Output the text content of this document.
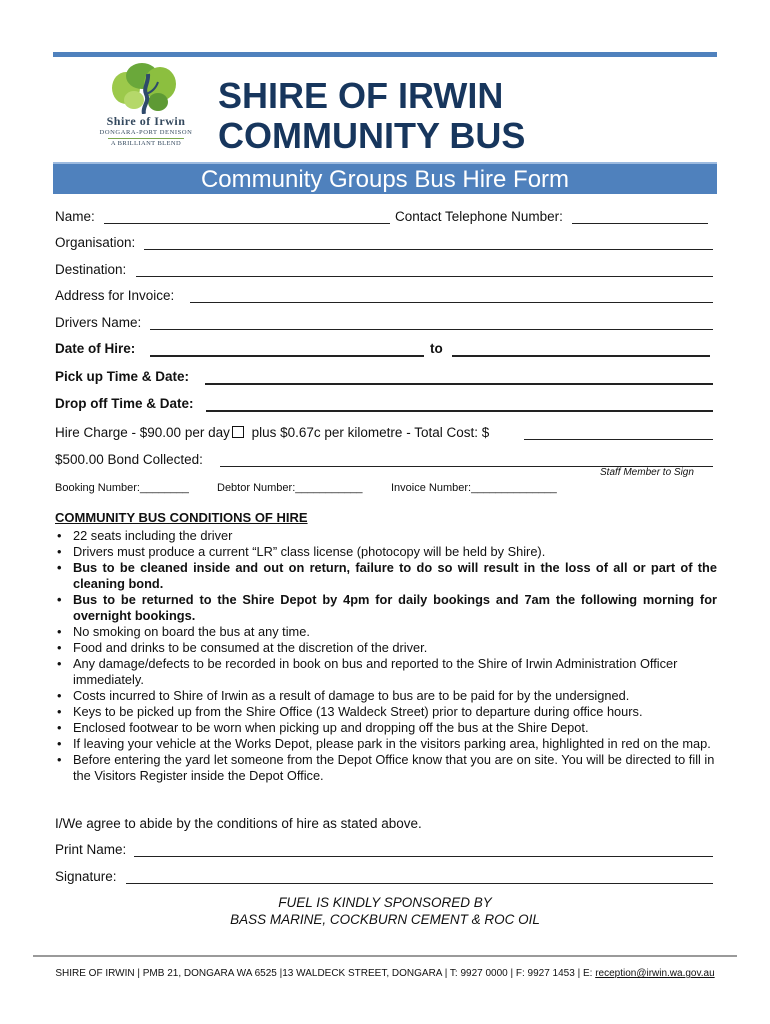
Shire of Irwin
DONGARA-PORT DENISON
A BRILLIANT BLEND
SHIRE OF IRWIN
COMMUNITY BUS
Community Groups Bus Hire Form
Name:	Contact Telephone Number:
Organisation:
Destination:
Address for Invoice:
Drivers Name:
Date of Hire:	to
Pick up Time & Date:
Drop off Time & Date:
Hire Charge - $90.00 per day plus $0.67c per kilometre - Total Cost: $
$500.00 Bond Collected:
Staff Member to Sign
Booking Number:________	Debtor Number:___________	Invoice Number:______________
COMMUNITY BUS CONDITIONS OF HIRE
• 22 seats including the driver
• Drivers must produce a current “LR” class license (photocopy will be held by Shire).
• Bus to be cleaned inside and out on return, failure to do so will result in the loss of all or part of the cleaning bond.
• Bus to be returned to the Shire Depot by 4pm for daily bookings and 7am the following morning for overnight bookings.
• No smoking on board the bus at any time.
• Food and drinks to be consumed at the discretion of the driver.
• Any damage/defects to be recorded in book on bus and reported to the Shire of Irwin Administration Officer immediately.
• Costs incurred to Shire of Irwin as a result of damage to bus are to be paid for by the undersigned.
• Keys to be picked up from the Shire Office (13 Waldeck Street) prior to departure during office hours.
• Enclosed footwear to be worn when picking up and dropping off the bus at the Shire Depot.
• If leaving your vehicle at the Works Depot, please park in the visitors parking area, highlighted in red on the map.
• Before entering the yard let someone from the Depot Office know that you are on site. You will be directed to fill in the Visitors Register inside the Depot Office.
I/We agree to abide by the conditions of hire as stated above.
Print Name:
Signature:
FUEL IS KINDLY SPONSORED BY
BASS MARINE, COCKBURN CEMENT & ROC OIL
SHIRE OF IRWIN | PMB 21, DONGARA WA 6525 |13 WALDECK STREET, DONGARA | T: 9927 0000 | F: 9927 1453 | E: reception@irwin.wa.gov.au
